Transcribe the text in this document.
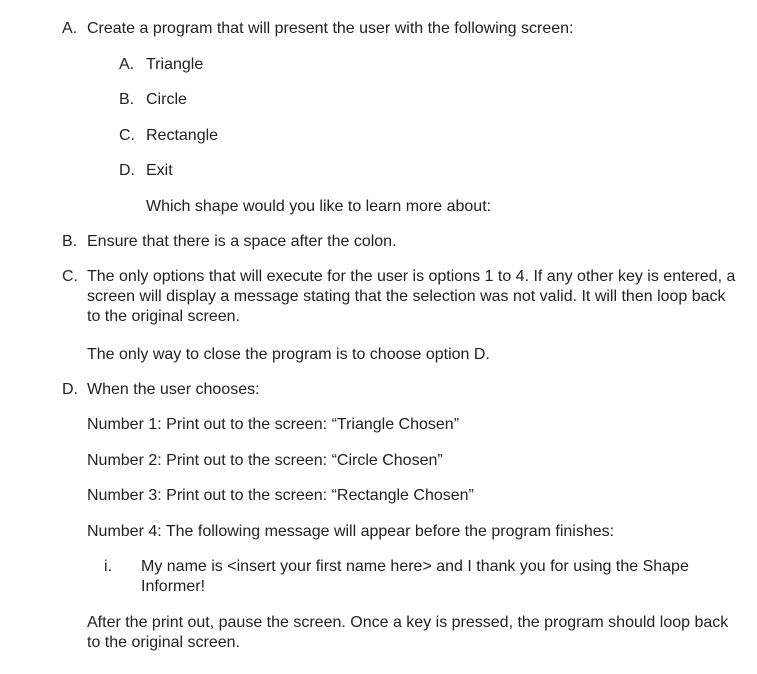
A. Create a program that will present the user with the following screen:
A. Triangle
B. Circle
C. Rectangle
D. Exit
Which shape would you like to learn more about:
B. Ensure that there is a space after the colon.
C. The only options that will execute for the user is options 1 to 4. If any other key is entered, a screen will display a message stating that the selection was not valid. It will then loop back to the original screen.
The only way to close the program is to choose option D.
D. When the user chooses:
Number 1: Print out to the screen: “Triangle Chosen”
Number 2: Print out to the screen: “Circle Chosen”
Number 3: Print out to the screen: “Rectangle Chosen”
Number 4: The following message will appear before the program finishes:
i. My name is <insert your first name here> and I thank you for using the Shape Informer!
After the print out, pause the screen. Once a key is pressed, the program should loop back to the original screen.
